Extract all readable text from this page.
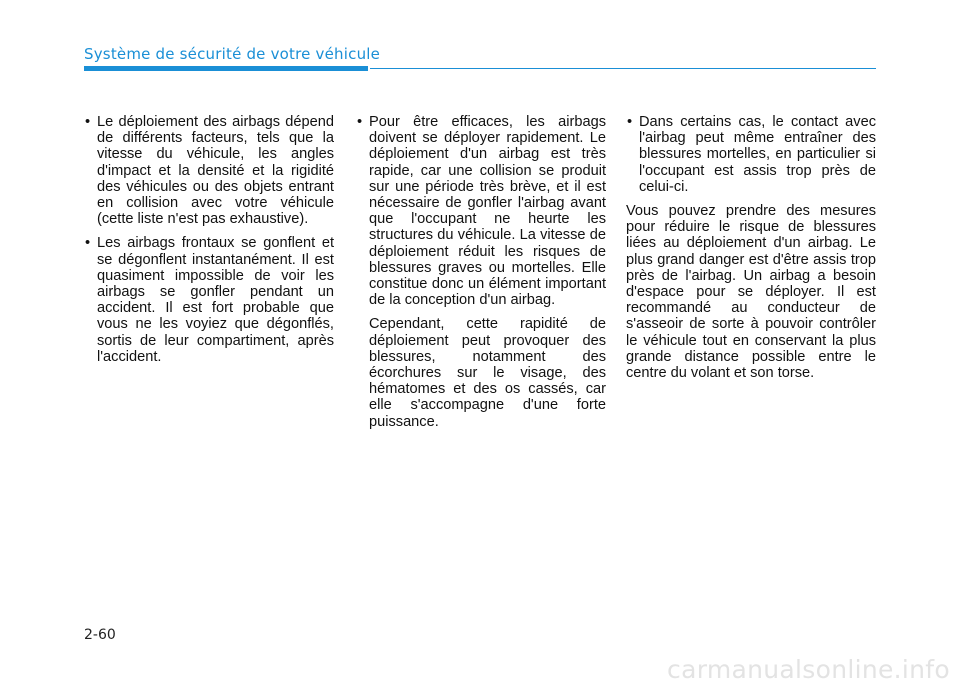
Système de sécurité de votre véhicule

• Le déploiement des airbags dépend de différents facteurs, tels que la vitesse du véhicule, les angles d'impact et la densité et la rigidité des véhicules ou des objets entrant en collision avec votre véhicule (cette liste n'est pas exhaustive).

• Les airbags frontaux se gonflent et se dégonflent instantanément. Il est quasiment impossible de voir les airbags se gonfler pendant un accident. Il est fort probable que vous ne les voyiez que dégonflés, sortis de leur compartiment, après l'accident.

• Pour être efficaces, les airbags doivent se déployer rapidement. Le déploiement d'un airbag est très rapide, car une collision se produit sur une période très brève, et il est nécessaire de gonfler l'airbag avant que l'occupant ne heurte les structures du véhicule. La vitesse de déploiement réduit les risques de blessures graves ou mortelles. Elle constitue donc un élément important de la conception d'un airbag.

Cependant, cette rapidité de déploiement peut provoquer des blessures, notamment des écorchures sur le visage, des hématomes et des os cassés, car elle s'accompagne d'une forte puissance.

• Dans certains cas, le contact avec l'airbag peut même entraîner des blessures mortelles, en particulier si l'occupant est assis trop près de celui-ci.

Vous pouvez prendre des mesures pour réduire le risque de blessures liées au déploiement d'un airbag. Le plus grand danger est d'être assis trop près de l'airbag. Un airbag a besoin d'espace pour se déployer. Il est recommandé au conducteur de s'asseoir de sorte à pouvoir contrôler le véhicule tout en conservant la plus grande distance possible entre le centre du volant et son torse.

2-60
carmanualsonline.info
